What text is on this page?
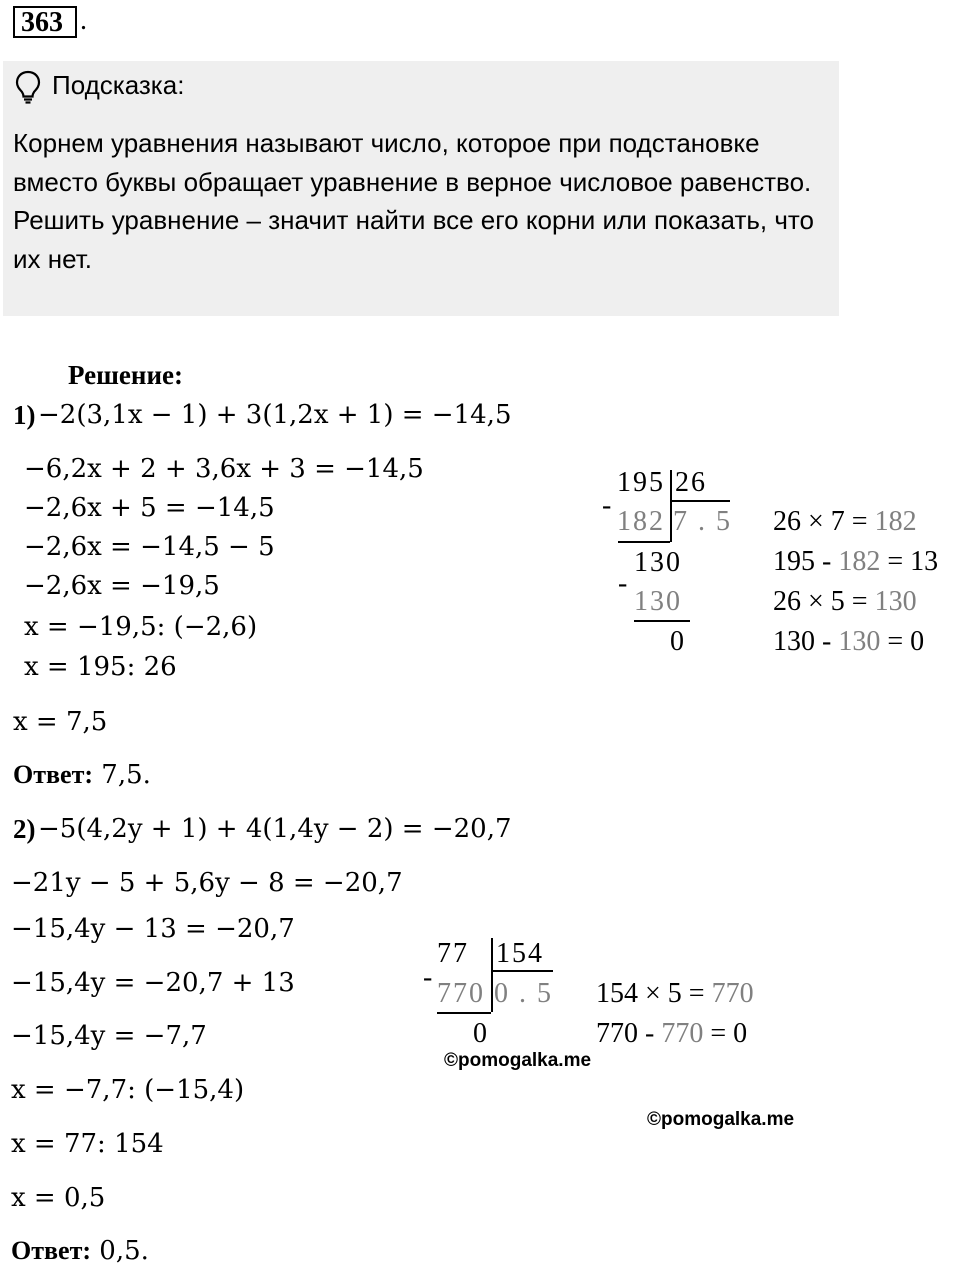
363 .
Подсказка:

Корнем уравнения называют число, которое при подстановке вместо буквы обращает уравнение в верное числовое равенство.

Решить уравнение – значит найти все его корни или показать, что их нет.

Решение:
1) −2(3,1x − 1) + 3(1,2x + 1) = −14,5
−6,2x + 2 + 3,6x + 3 = −14,5
−2,6x + 5 = −14,5
−2,6x = −14,5 − 5
−2,6x = −19,5
x = −19,5: (−2,6)
x = 195: 26
x = 7,5
Ответ: 7,5.
195 26
-
182 7 . 5
130
-
130
0
26 × 7 = 182
195 - 182 = 13
26 × 5 = 130
130 - 130 = 0
2) −5(4,2y + 1) + 4(1,4y − 2) = −20,7
−21y − 5 + 5,6y − 8 = −20,7
−15,4y − 13 = −20,7
−15,4y = −20,7 + 13
−15,4y = −7,7
x = −7,7: (−15,4)
x = 77: 154
x = 0,5
Ответ: 0,5.
77 154
-
770 0 . 5
0
154 × 5 = 770
770 - 770 = 0
©pomogalka.me
©pomogalka.me
